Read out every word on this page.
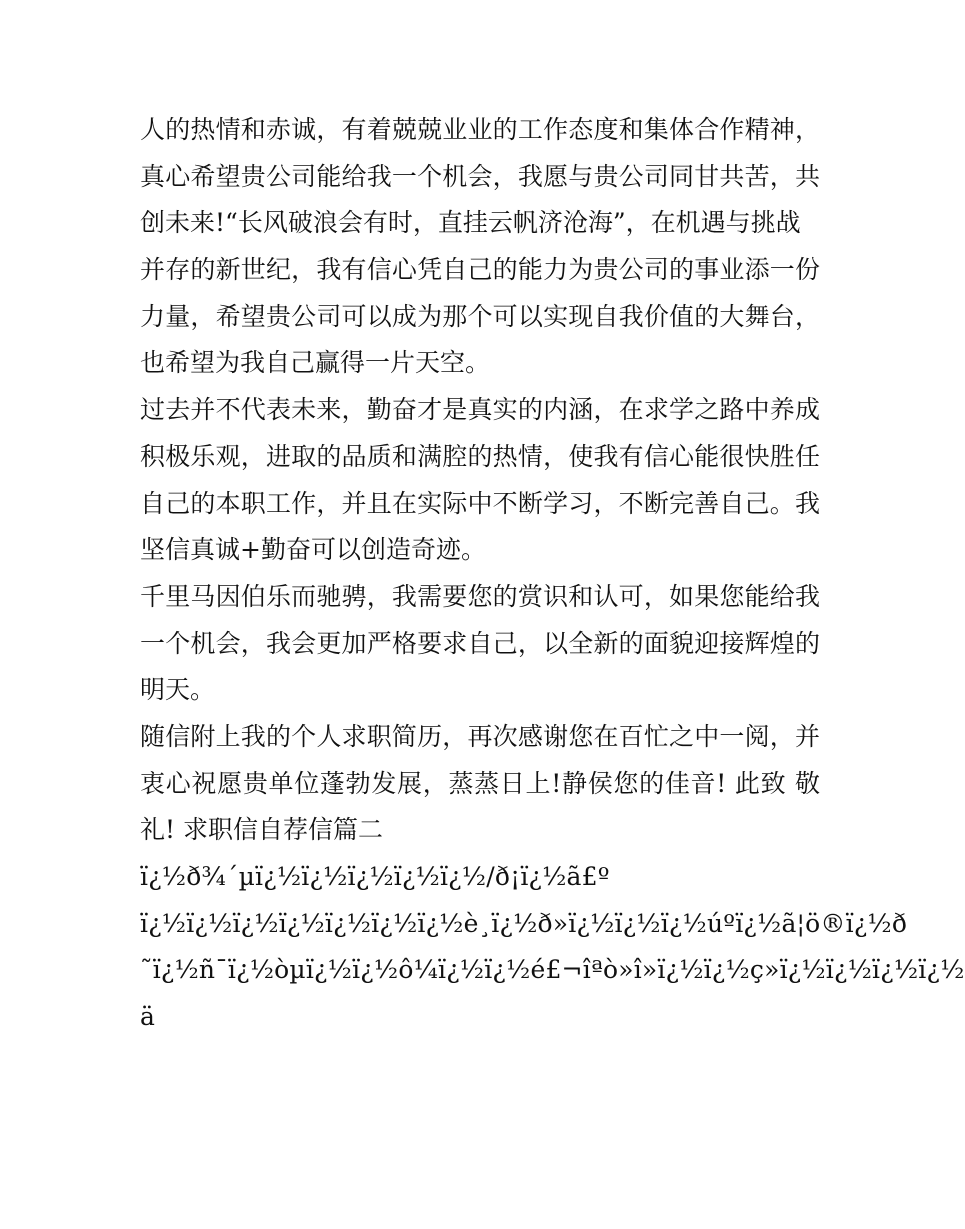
人的热情和赤诚，有着兢兢业业的工作态度和集体合作精神，
真心希望贵公司能给我一个机会，我愿与贵公司同甘共苦，共
创未来!“长风破浪会有时，直挂云帆济沧海”，在机遇与挑战
并存的新世纪，我有信心凭自己的能力为贵公司的事业添一份
力量，希望贵公司可以成为那个可以实现自我价值的大舞台，
也希望为我自己赢得一片天空。
过去并不代表未来，勤奋才是真实的内涵，在求学之路中养成
积极乐观，进取的品质和满腔的热情，使我有信心能很快胜任
自己的本职工作，并且在实际中不断学习，不断完善自己。我
坚信真诚+勤奋可以创造奇迹。
千里马因伯乐而驰骋，我需要您的赏识和认可，如果您能给我
一个机会，我会更加严格要求自己，以全新的面貌迎接辉煌的
明天。
随信附上我的个人求职简历，再次感谢您在百忙之中一阅，并
衷心祝愿贵单位蓬勃发展，蒸蒸日上!静侯您的佳音! 此致 敬
礼! 求职信自荐信篇二
ï¿½ð¾´µï¿½ï¿½ï¿½ï¿½ï¿½/ð¡ï¿½ã£º
ï¿½ï¿½ï¿½ï¿½ï¿½ï¿½ï¿½è¸ï¿½ð»ï¿½ï¿½ï¿½úºï¿½ã¦ö®ï¿½ð
˜ï¿½ñ¯ï¿½òµï¿½ï¿½ô¼ï¿½ï¿½é£¬îªò»î»ï¿½ï¿½ç»ï¿½ï¿½ï¿½ï¿½
ä
